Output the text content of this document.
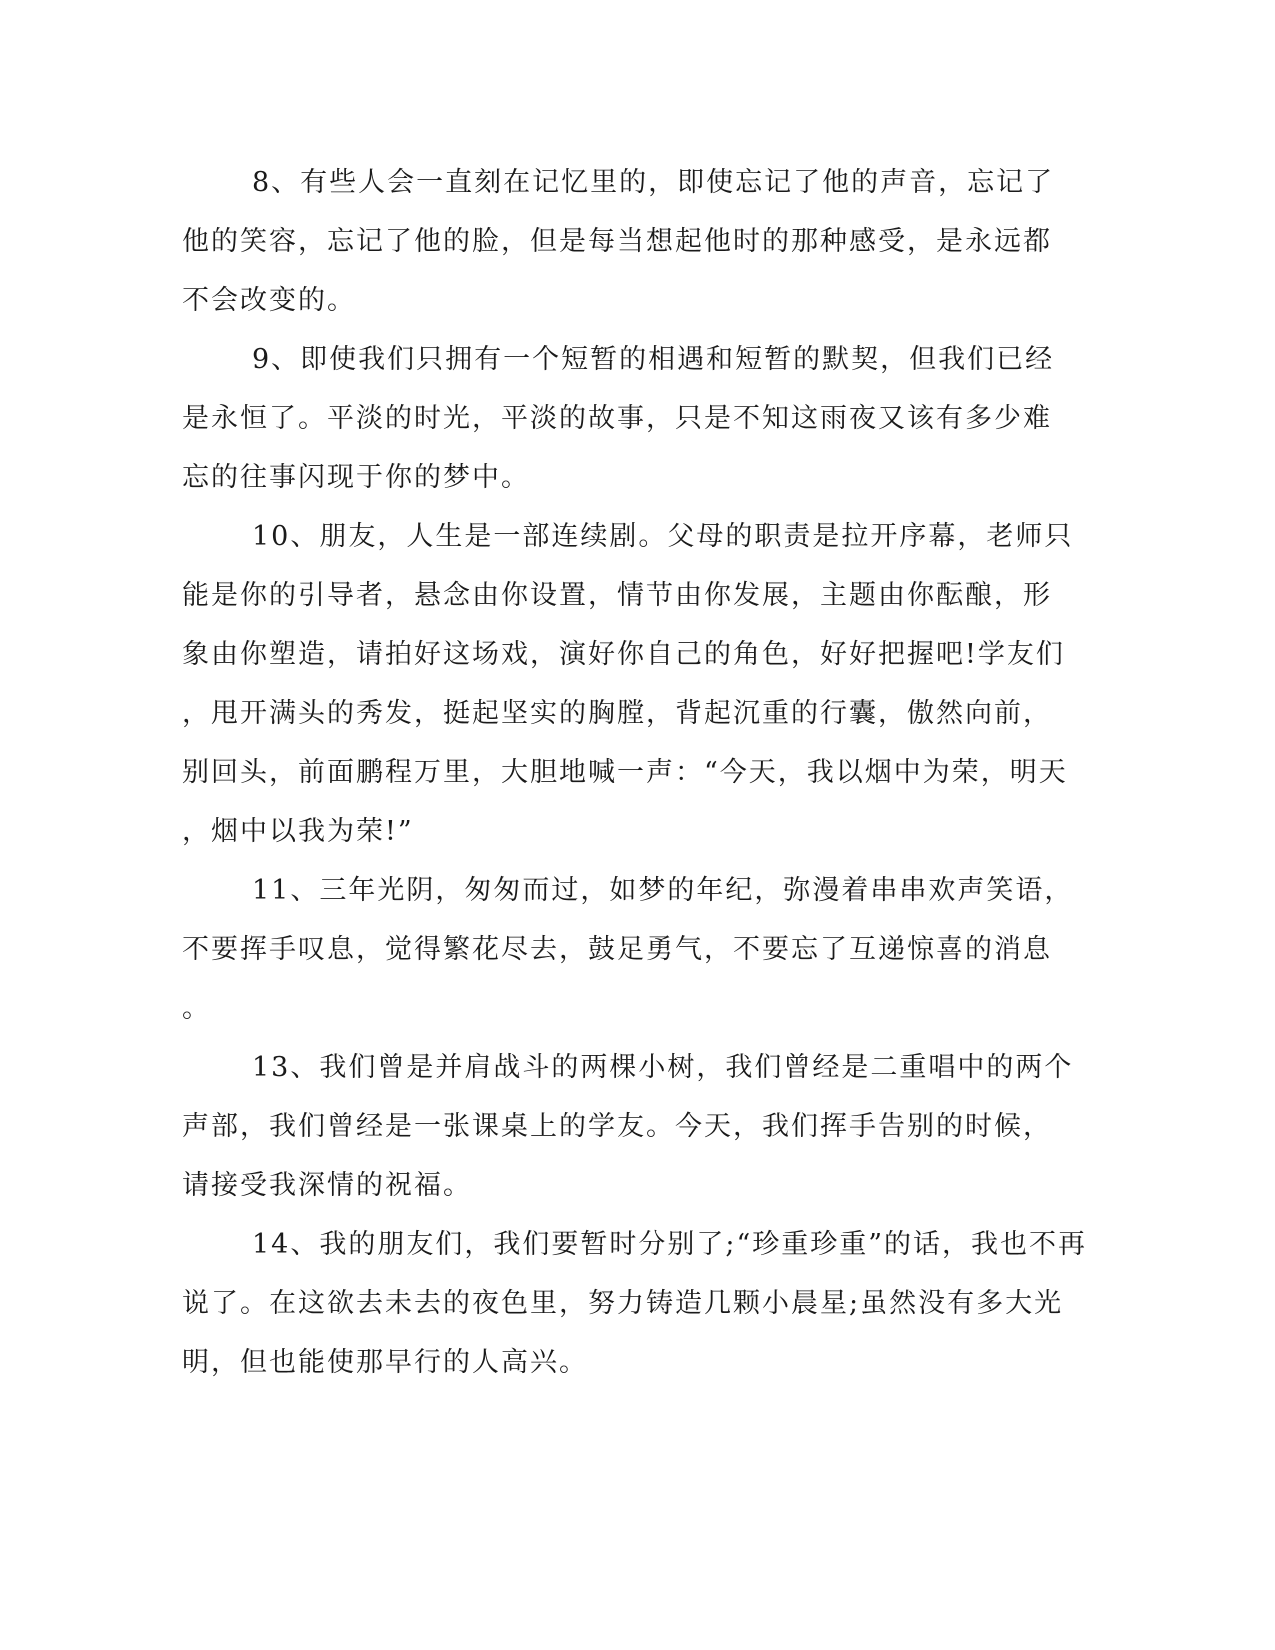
8、有些人会一直刻在记忆里的，即使忘记了他的声音，忘记了
他的笑容，忘记了他的脸，但是每当想起他时的那种感受，是永远都
不会改变的。
9、即使我们只拥有一个短暂的相遇和短暂的默契，但我们已经
是永恒了。平淡的时光，平淡的故事，只是不知这雨夜又该有多少难
忘的往事闪现于你的梦中。
10、朋友，人生是一部连续剧。父母的职责是拉开序幕，老师只
能是你的引导者，悬念由你设置，情节由你发展，主题由你酝酿，形
象由你塑造，请拍好这场戏，演好你自己的角色，好好把握吧!学友们
，甩开满头的秀发，挺起坚实的胸膛，背起沉重的行囊，傲然向前，
别回头，前面鹏程万里，大胆地喊一声：“今天，我以烟中为荣，明天
，烟中以我为荣!”
11、三年光阴，匆匆而过，如梦的年纪，弥漫着串串欢声笑语，
不要挥手叹息，觉得繁花尽去，鼓足勇气，不要忘了互递惊喜的消息
。
13、我们曾是并肩战斗的两棵小树，我们曾经是二重唱中的两个
声部，我们曾经是一张课桌上的学友。今天，我们挥手告别的时候，
请接受我深情的祝福。
14、我的朋友们，我们要暂时分别了;“珍重珍重”的话，我也不再
说了。在这欲去未去的夜色里，努力铸造几颗小晨星;虽然没有多大光
明，但也能使那早行的人高兴。
